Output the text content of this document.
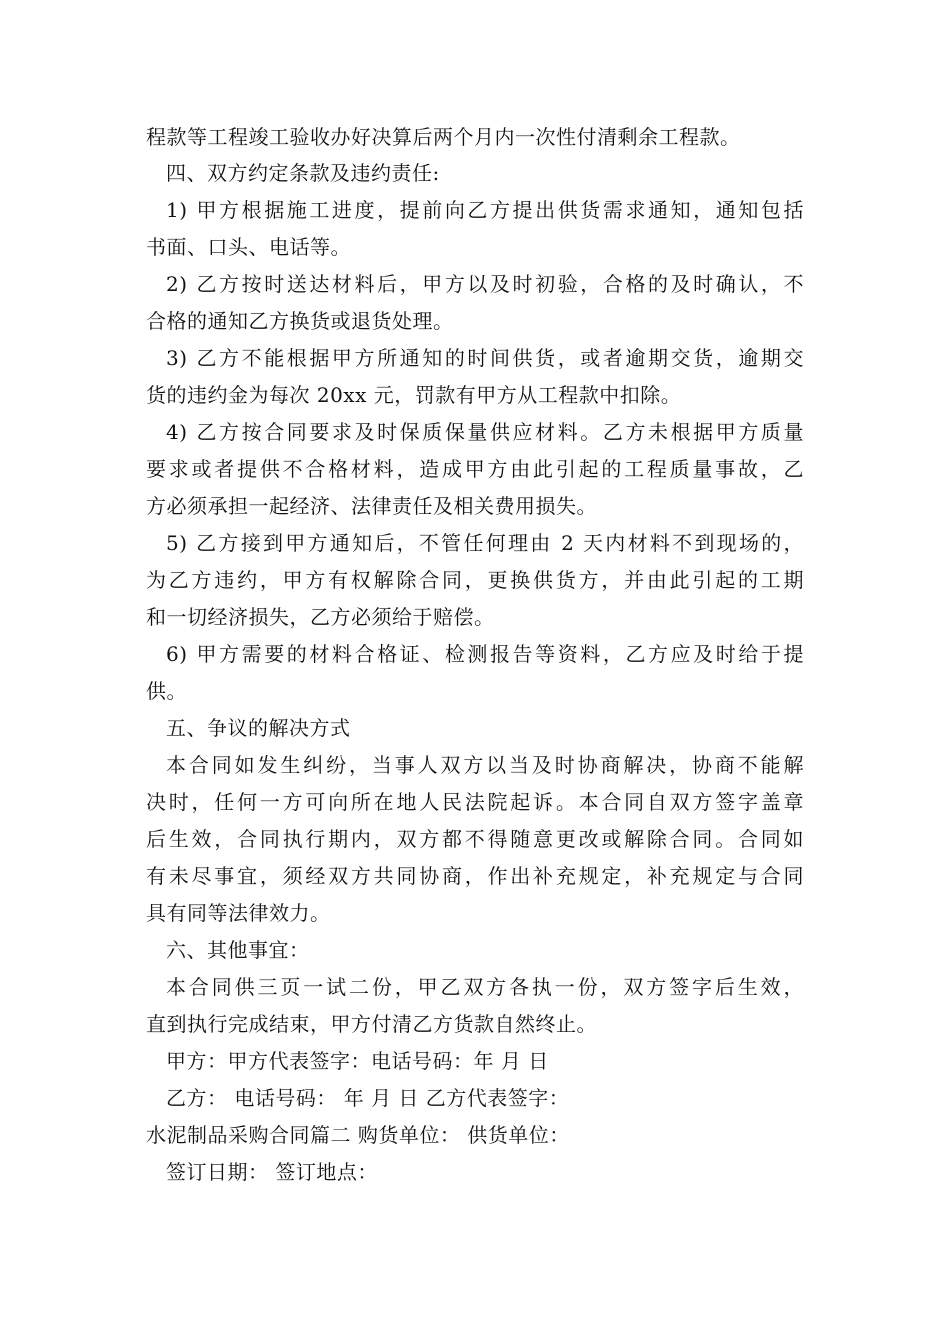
程款等工程竣工验收办好决算后两个月内一次性付清剩余工程款。
四、双方约定条款及违约责任:
1) 甲方根据施工进度，提前向乙方提出供货需求通知，通知包括
书面、口头、电话等。
2) 乙方按时送达材料后，甲方以及时初验，合格的及时确认，不
合格的通知乙方换货或退货处理。
3) 乙方不能根据甲方所通知的时间供货，或者逾期交货，逾期交
货的违约金为每次 20xx 元，罚款有甲方从工程款中扣除。
4) 乙方按合同要求及时保质保量供应材料。乙方未根据甲方质量
要求或者提供不合格材料，造成甲方由此引起的工程质量事故，乙
方必须承担一起经济、法律责任及相关费用损失。
5) 乙方接到甲方通知后，不管任何理由 2 天内材料不到现场的，
为乙方违约，甲方有权解除合同，更换供货方，并由此引起的工期
和一切经济损失，乙方必须给于赔偿。
6) 甲方需要的材料合格证、检测报告等资料，乙方应及时给于提
供。
五、争议的解决方式
本合同如发生纠纷，当事人双方以当及时协商解决，协商不能解
决时，任何一方可向所在地人民法院起诉。本合同自双方签字盖章
后生效，合同执行期内，双方都不得随意更改或解除合同。合同如
有未尽事宜，须经双方共同协商，作出补充规定，补充规定与合同
具有同等法律效力。
六、其他事宜：
本合同供三页一试二份，甲乙双方各执一份，双方签字后生效，
直到执行完成结束，甲方付清乙方货款自然终止。
甲方：甲方代表签字：电话号码：年 月 日
乙方： 电话号码： 年 月 日 乙方代表签字：
水泥制品采购合同篇二 购货单位： 供货单位：
签订日期： 签订地点：
